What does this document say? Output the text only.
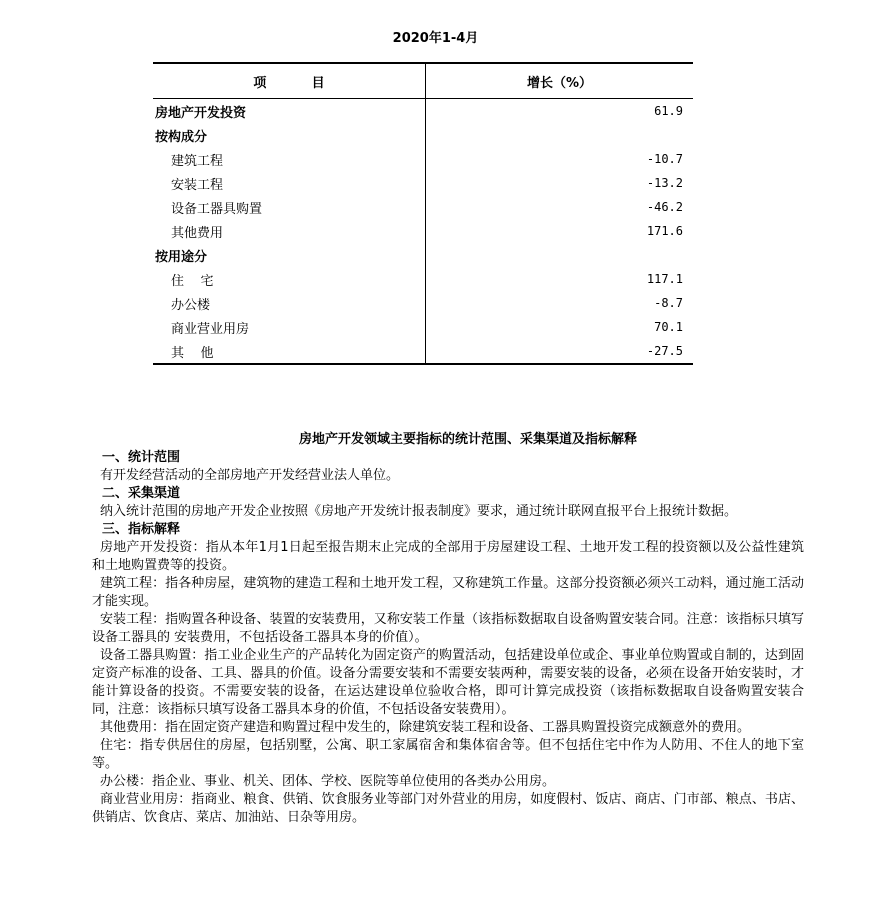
2020年1-4月
项          目	增长（%）
房地产开发投资	61.9
按构成分	
建筑工程	-10.7
安装工程	-13.2
设备工器具购置	-46.2
其他费用	171.6
按用途分	
住    宅	117.1
办公楼	-8.7
商业营业用房	70.1
其    他	-27.5
房地产开发领域主要指标的统计范围、采集渠道及指标解释
一、统计范围

有开发经营活动的全部房地产开发经营业法人单位。

二、采集渠道

纳入统计范围的房地产开发企业按照《房地产开发统计报表制度》要求，通过统计联网直报平台上报统计数据。

三、指标解释

房地产开发投资：指从本年1月1日起至报告期末止完成的全部用于房屋建设工程、土地开发工程的投资额以及公益性建筑和土地购置费等的投资。

建筑工程：指各种房屋，建筑物的建造工程和土地开发工程，又称建筑工作量。这部分投资额必须兴工动料，通过施工活动才能实现。

安装工程：指购置各种设备、装置的安装费用，又称安装工作量（该指标数据取自设备购置安装合同。注意：该指标只填写设备工器具的 安装费用，不包括设备工器具本身的价值）。

设备工器具购置：指工业企业生产的产品转化为固定资产的购置活动，包括建设单位或企、事业单位购置或自制的，达到固定资产标准的设备、工具、器具的价值。设备分需要安装和不需要安装两种，需要安装的设备，必须在设备开始安装时，才能计算设备的投资。不需要安装的设备，在运达建设单位验收合格，即可计算完成投资（该指标数据取自设备购置安装合同，注意：该指标只填写设备工器具本身的价值，不包括设备安装费用）。

其他费用：指在固定资产建造和购置过程中发生的，除建筑安装工程和设备、工器具购置投资完成额意外的费用。

住宅：指专供居住的房屋，包括别墅，公寓、职工家属宿舍和集体宿舍等。但不包括住宅中作为人防用、不住人的地下室等。

办公楼：指企业、事业、机关、团体、学校、医院等单位使用的各类办公用房。

商业营业用房：指商业、粮食、供销、饮食服务业等部门对外营业的用房，如度假村、饭店、商店、门市部、粮点、书店、供销店、饮食店、菜店、加油站、日杂等用房。
